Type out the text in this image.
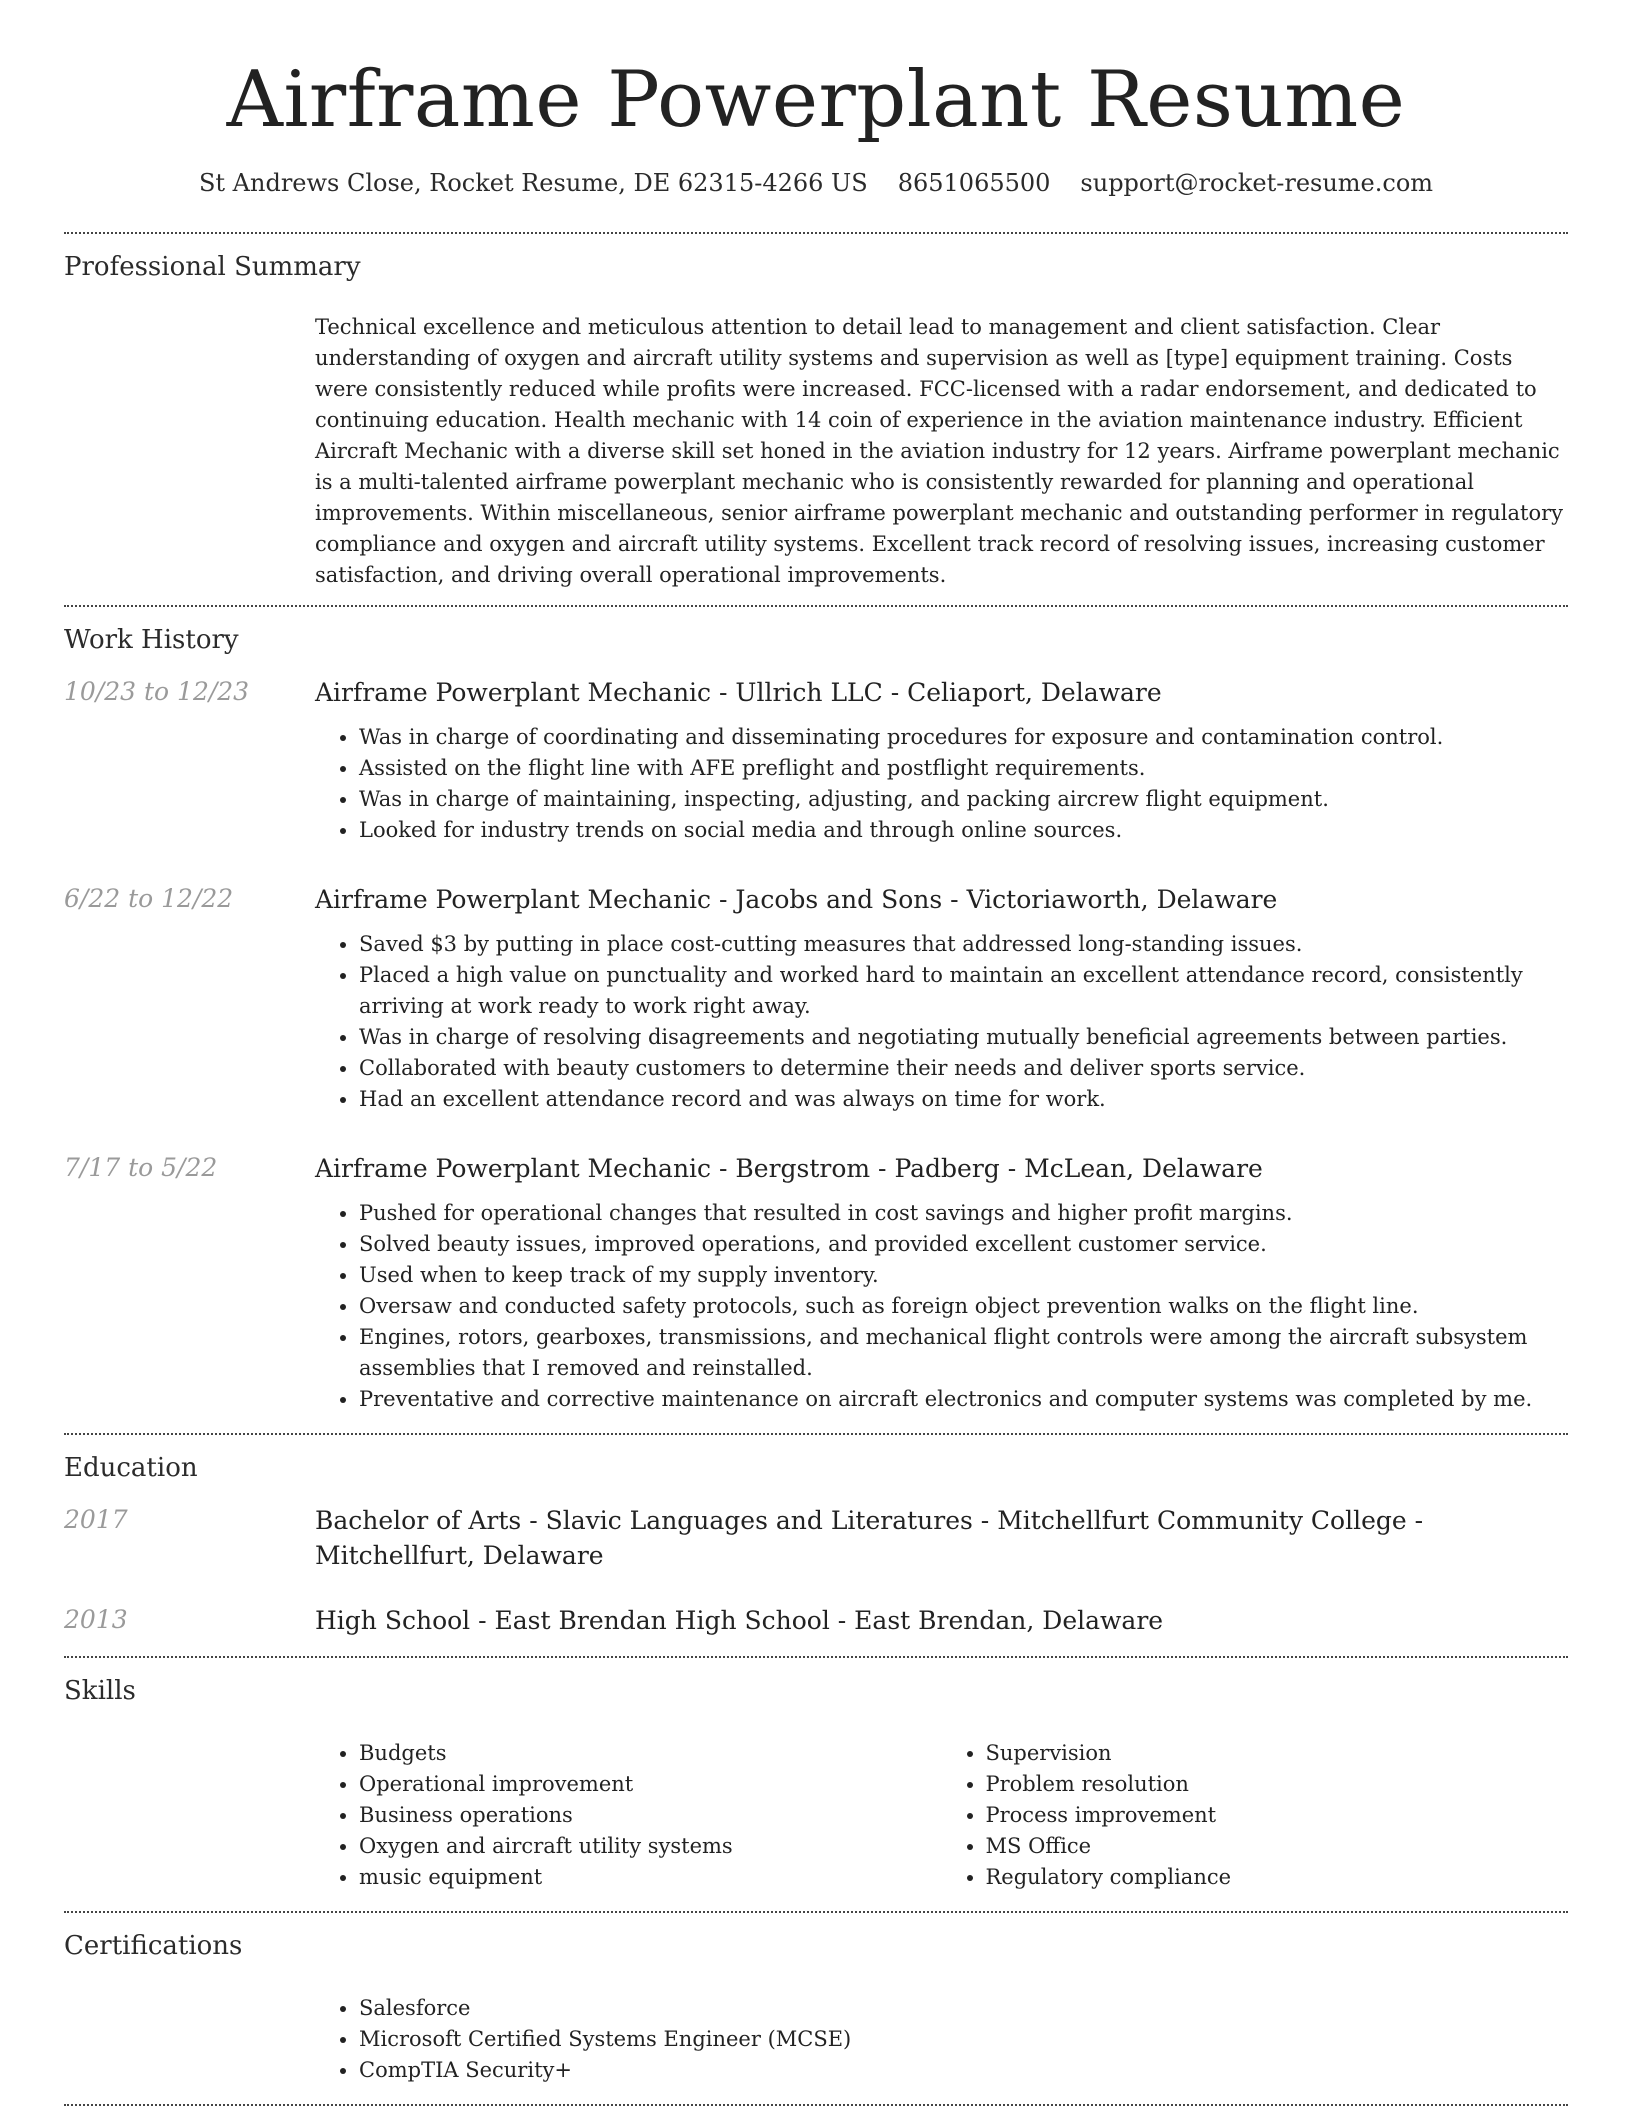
Airframe Powerplant Resume
St Andrews Close, Rocket Resume, DE 62315-4266 US 8651065500 support@rocket-resume.com
Professional Summary

Technical excellence and meticulous attention to detail lead to management and client satisfaction. Clear understanding of oxygen and aircraft utility systems and supervision as well as [type] equipment training. Costs were consistently reduced while profits were increased. FCC-licensed with a radar endorsement, and dedicated to continuing education. Health mechanic with 14 coin of experience in the aviation maintenance industry. Efficient Aircraft Mechanic with a diverse skill set honed in the aviation industry for 12 years. Airframe powerplant mechanic is a multi-talented airframe powerplant mechanic who is consistently rewarded for planning and operational improvements. Within miscellaneous, senior airframe powerplant mechanic and outstanding performer in regulatory compliance and oxygen and aircraft utility systems. Excellent track record of resolving issues, increasing customer satisfaction, and driving overall operational improvements.

Work History
10/23 to 12/23	Airframe Powerplant Mechanic - Ullrich LLC - Celiaport, Delaware

• Was in charge of coordinating and disseminating procedures for exposure and contamination control.
• Assisted on the flight line with AFE preflight and postflight requirements.
• Was in charge of maintaining, inspecting, adjusting, and packing aircrew flight equipment.
• Looked for industry trends on social media and through online sources.
6/22 to 12/22	Airframe Powerplant Mechanic - Jacobs and Sons - Victoriaworth, Delaware

• Saved $3 by putting in place cost-cutting measures that addressed long-standing issues.
• Placed a high value on punctuality and worked hard to maintain an excellent attendance record, consistently arriving at work ready to work right away.
• Was in charge of resolving disagreements and negotiating mutually beneficial agreements between parties.
• Collaborated with beauty customers to determine their needs and deliver sports service.
• Had an excellent attendance record and was always on time for work.
7/17 to 5/22	Airframe Powerplant Mechanic - Bergstrom - Padberg - McLean, Delaware

• Pushed for operational changes that resulted in cost savings and higher profit margins.
• Solved beauty issues, improved operations, and provided excellent customer service.
• Used when to keep track of my supply inventory.
• Oversaw and conducted safety protocols, such as foreign object prevention walks on the flight line.
• Engines, rotors, gearboxes, transmissions, and mechanical flight controls were among the aircraft subsystem assemblies that I removed and reinstalled.
• Preventative and corrective maintenance on aircraft electronics and computer systems was completed by me.
Education
2017	Bachelor of Arts - Slavic Languages and Literatures - Mitchellfurt Community College - Mitchellfurt, Delaware

2013	High School - East Brendan High School - East Brendan, Delaware

Skills
• Budgets
• Operational improvement
• Business operations
• Oxygen and aircraft utility systems
• music equipment
• Supervision
• Problem resolution
• Process improvement
• MS Office
• Regulatory compliance
Certifications
• Salesforce
• Microsoft Certified Systems Engineer (MCSE)
• CompTIA Security+
